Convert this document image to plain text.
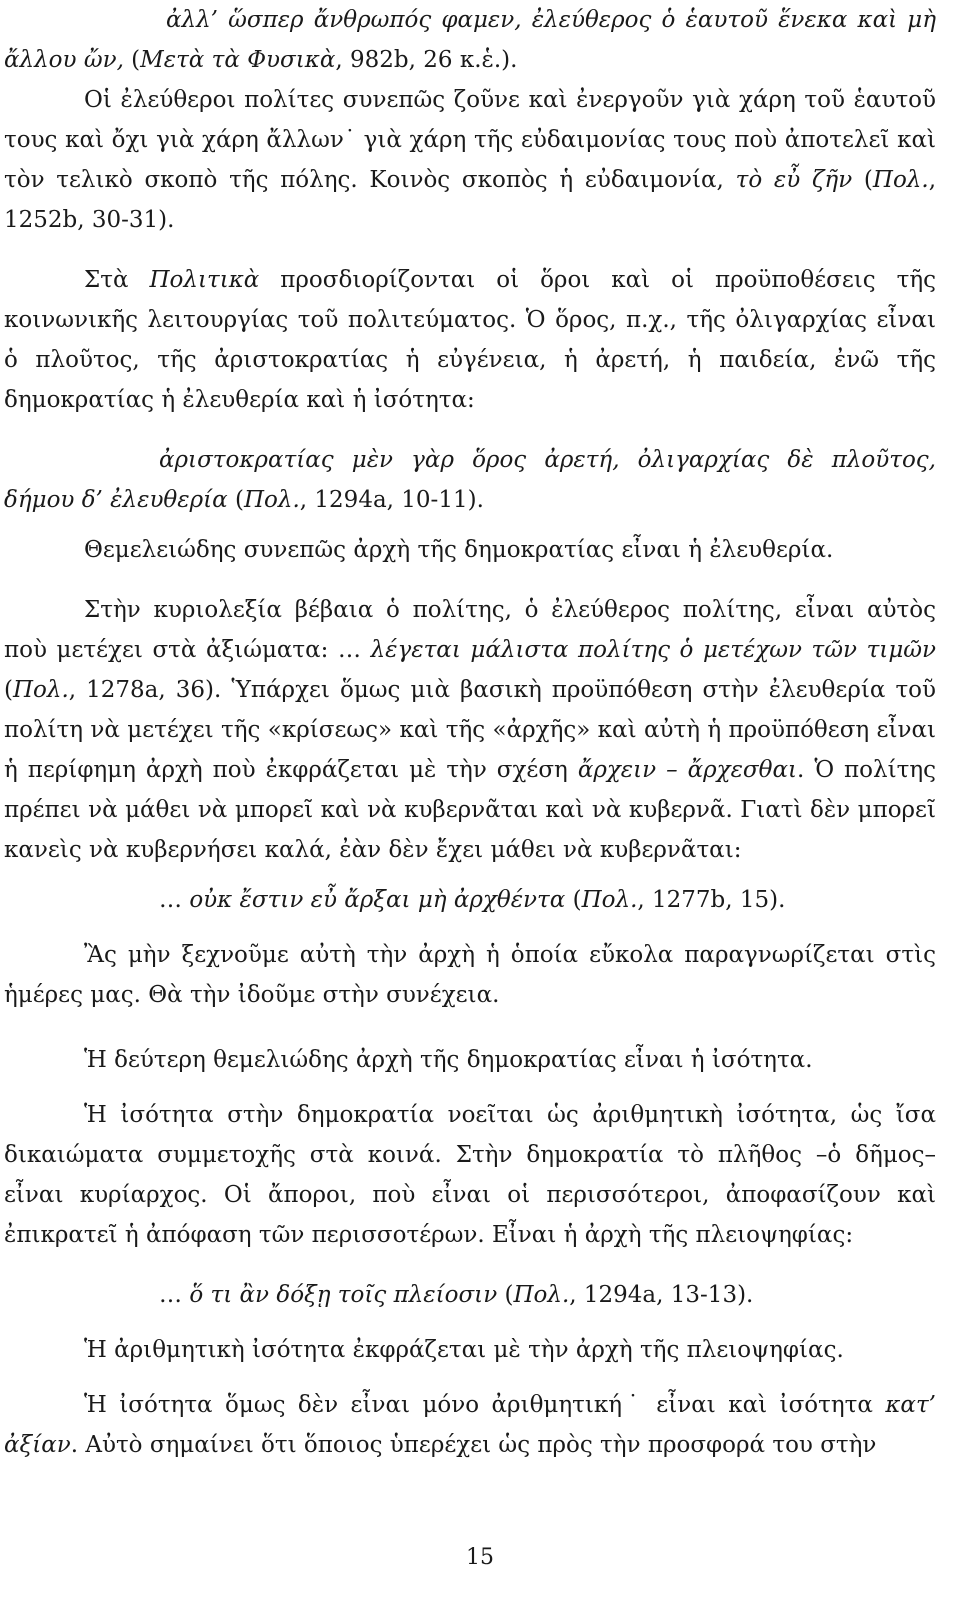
ἀλλ’ ὥσπερ ἄνθρωπός φαμεν, ἐλεύθερος ὁ ἑαυτοῦ ἕνεκα καὶ μὴ ἄλλου ὤν, (Μετὰ τὰ Φυσικὰ, 982b, 26 κ.ἑ.).

Οἱ ἐλεύθεροι πολίτες συνεπῶς ζοῦνε καὶ ἐνεργοῦν γιὰ χάρη τοῦ ἑαυτοῦ τους καὶ ὄχι γιὰ χάρη ἄλλων˙ γιὰ χάρη τῆς εὐδαιμονίας τους ποὺ ἀποτελεῖ καὶ τὸν τελικὸ σκοπὸ τῆς πόλης. Κοινὸς σκοπὸς ἡ εὐδαιμονία, τὸ εὖ ζῆν (Πολ., 1252b, 30-31).

Στὰ Πολιτικὰ προσδιορίζονται οἱ ὅροι καὶ οἱ προϋποθέσεις τῆς κοινωνικῆς λειτουργίας τοῦ πολιτεύματος. Ὁ ὅρος, π.χ., τῆς ὀλιγαρχίας εἶναι ὁ πλοῦτος, τῆς ἀριστοκρατίας ἡ εὐγένεια, ἡ ἀρετή, ἡ παιδεία, ἐνῶ τῆς δημοκρατίας ἡ ἐλευθερία καὶ ἡ ἰσότητα:

ἀριστοκρατίας μὲν γὰρ ὅρος ἀρετή, ὀλιγαρχίας δὲ πλοῦτος, δήμου δ’ ἐλευθερία (Πολ., 1294a, 10-11).

Θεμελειώδης συνεπῶς ἀρχὴ τῆς δημοκρατίας εἶναι ἡ ἐλευθερία.

Στὴν κυριολεξία βέβαια ὁ πολίτης, ὁ ἐλεύθερος πολίτης, εἶναι αὐτὸς ποὺ μετέχει στὰ ἀξιώματα: … λέγεται μάλιστα πολίτης ὁ μετέχων τῶν τιμῶν (Πολ., 1278a, 36). Ὑπάρχει ὅμως μιὰ βασικὴ προϋπόθεση στὴν ἐλευθερία τοῦ πολίτη νὰ μετέχει τῆς «κρίσεως» καὶ τῆς «ἀρχῆς» καὶ αὐτὴ ἡ προϋπόθεση εἶναι ἡ περίφημη ἀρχὴ ποὺ ἐκφράζεται μὲ τὴν σχέση ἄρχειν – ἄρχεσθαι. Ὁ πολίτης πρέπει νὰ μάθει νὰ μπορεῖ καὶ νὰ κυβερνᾶται καὶ νὰ κυβερνᾶ. Γιατὶ δὲν μπορεῖ κανεὶς νὰ κυβερνήσει καλά, ἐὰν δὲν ἔχει μάθει νὰ κυβερνᾶται:

… οὐκ ἔστιν εὖ ἄρξαι μὴ ἀρχθέντα (Πολ., 1277b, 15).

Ἂς μὴν ξεχνοῦμε αὐτὴ τὴν ἀρχὴ ἡ ὁποία εὔκολα παραγνωρίζεται στὶς ἡμέρες μας. Θὰ τὴν ἰδοῦμε στὴν συνέχεια.

Ἡ δεύτερη θεμελιώδης ἀρχὴ τῆς δημοκρατίας εἶναι ἡ ἰσότητα.

Ἡ ἰσότητα στὴν δημοκρατία νοεῖται ὡς ἀριθμητικὴ ἰσότητα, ὡς ἴσα δικαιώματα συμμετοχῆς στὰ κοινά. Στὴν δημοκρατία τὸ πλῆθος –ὁ δῆμος– εἶναι κυρίαρχος. Οἱ ἄποροι, ποὺ εἶναι οἱ περισσότεροι, ἀποφασίζουν καὶ ἐπικρατεῖ ἡ ἀπόφαση τῶν περισσοτέρων. Εἶναι ἡ ἀρχὴ τῆς πλειοψηφίας:

… ὅ τι ἂν δόξῃ τοῖς πλείοσιν (Πολ., 1294a, 13-13).

Ἡ ἀριθμητικὴ ἰσότητα ἐκφράζεται μὲ τὴν ἀρχὴ τῆς πλειοψηφίας.

Ἡ ἰσότητα ὅμως δὲν εἶναι μόνο ἀριθμητική˙ εἶναι καὶ ἰσότητα κατ’ ἀξίαν. Αὐτὸ σημαίνει ὅτι ὅποιος ὑπερέχει ὡς πρὸς τὴν προσφορά του στὴν

15
